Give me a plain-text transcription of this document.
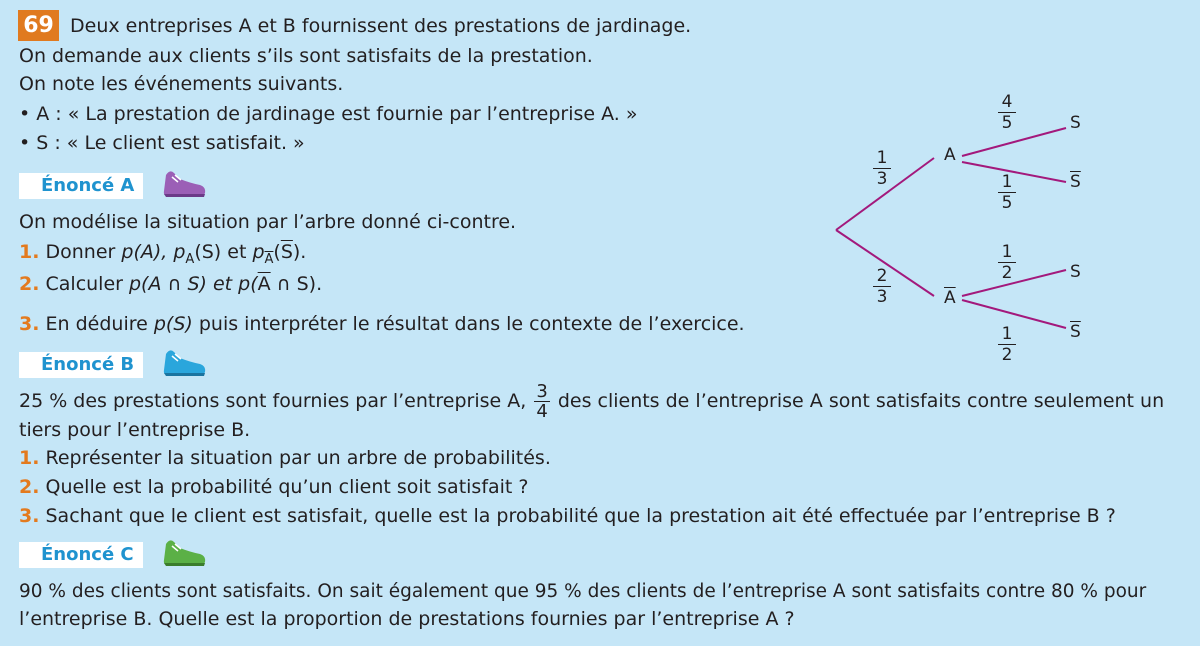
69 Deux entreprises A et B fournissent des prestations de jardinage.
On demande aux clients s’ils sont satisfaits de la prestation.
On note les événements suivants.
• A : « La prestation de jardinage est fournie par l’entreprise A. »
• S : « Le client est satisfait. »
Énoncé A
On modélise la situation par l’arbre donné ci-contre.
1. Donner p(A), $p_A(S)$ et $p_{\overline{A}}(\overline{S})$.
2. Calculer p(A ∩ S) et $p(\overline{A}$ ∩ S).
3. En déduire p(S) puis interpréter le résultat dans le contexte de l’exercice.
Énoncé B
25 % des prestations sont fournies par l’entreprise A, $\frac{3}{4}$ des clients de l’entreprise A sont satisfaits contre seulement un
tiers pour l’entreprise B.
1. Représenter la situation par un arbre de probabilités.
2. Quelle est la probabilité qu’un client soit satisfait ?
3. Sachant que le client est satisfait, quelle est la probabilité que la prestation ait été effectuée par l’entreprise B ?
Énoncé C
90 % des clients sont satisfaits. On sait également que 95 % des clients de l’entreprise A sont satisfaits contre 80 % pour
l’entreprise B. Quelle est la proportion de prestations fournies par l’entreprise A ?
$\frac{1}{3}$
$\frac{2}{3}$
$\frac{4}{5}$
$\frac{1}{5}$
$\frac{1}{2}$
$\frac{1}{2}$
A
$\overline{A}$
S
$\overline{S}$
S
$\overline{S}$
